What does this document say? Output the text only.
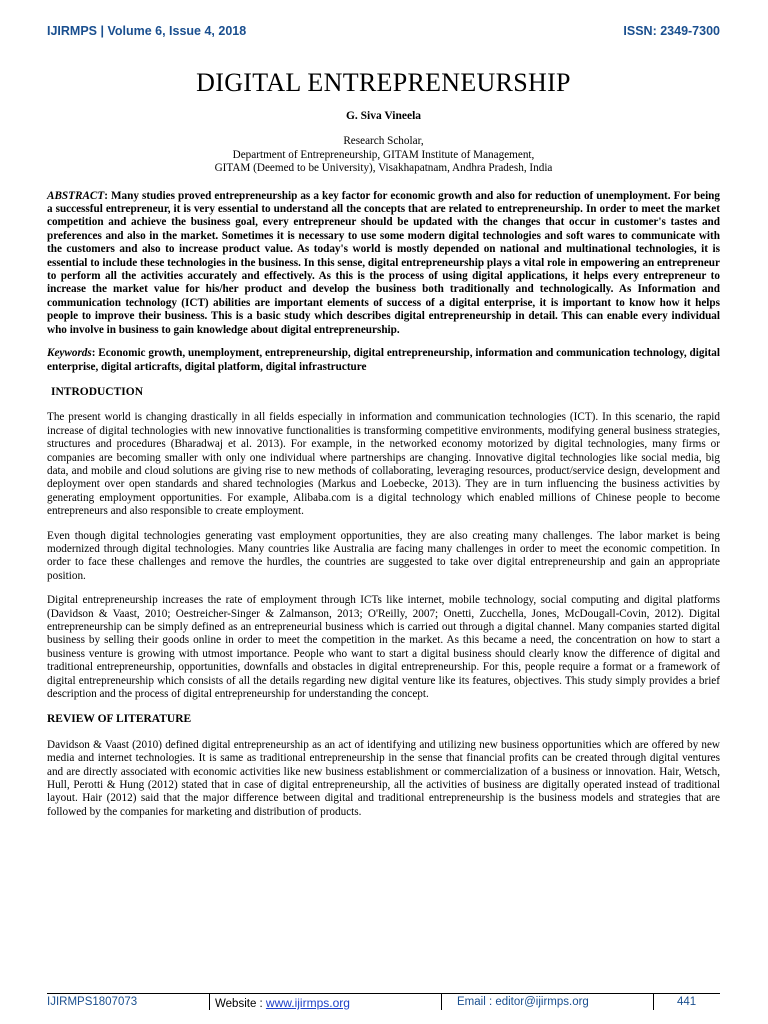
IJIRMPS | Volume 6, Issue 4, 2018	ISSN: 2349-7300
DIGITAL ENTREPRENEURSHIP
G. Siva Vineela
Research Scholar,
Department of Entrepreneurship, GITAM Institute of Management,
GITAM (Deemed to be University), Visakhapatnam, Andhra Pradesh, India

ABSTRACT: Many studies proved entrepreneurship as a key factor for economic growth and also for reduction of unemployment. For being a successful entrepreneur, it is very essential to understand all the concepts that are related to entrepreneurship. In order to meet the market competition and achieve the business goal, every entrepreneur should be updated with the changes that occur in customer's tastes and preferences and also in the market. Sometimes it is necessary to use some modern digital technologies and soft wares to communicate with the customers and also to increase product value. As today's world is mostly depended on national and multinational technologies, it is essential to include these technologies in the business. In this sense, digital entrepreneurship plays a vital role in empowering an entrepreneur to perform all the activities accurately and effectively. As this is the process of using digital applications, it helps every entrepreneur to increase the market value for his/her product and develop the business both traditionally and technologically. As Information and communication technology (ICT) abilities are important elements of success of a digital enterprise, it is important to know how it helps people to improve their business. This is a basic study which describes digital entrepreneurship in detail. This can enable every individual who involve in business to gain knowledge about digital entrepreneurship.

Keywords: Economic growth, unemployment, entrepreneurship, digital entrepreneurship, information and communication technology, digital enterprise, digital articrafts, digital platform, digital infrastructure

INTRODUCTION

The present world is changing drastically in all fields especially in information and communication technologies (ICT). In this scenario, the rapid increase of digital technologies with new innovative functionalities is transforming competitive environments, modifying general business strategies, structures and procedures (Bharadwaj et al. 2013). For example, in the networked economy motorized by digital technologies, many firms or companies are becoming smaller with only one individual where partnerships are changing. Innovative digital technologies like social media, big data, and mobile and cloud solutions are giving rise to new methods of collaborating, leveraging resources, product/service design, development and deployment over open standards and shared technologies (Markus and Loebecke, 2013). They are in turn influencing the business activities by generating employment opportunities. For example, Alibaba.com is a digital technology which enabled millions of Chinese people to become entrepreneurs and also responsible to create employment.

Even though digital technologies generating vast employment opportunities, they are also creating many challenges. The labor market is being modernized through digital technologies. Many countries like Australia are facing many challenges in order to meet the economic competition. In order to face these challenges and remove the hurdles, the countries are suggested to take over digital entrepreneurship and gain an appropriate position.

Digital entrepreneurship increases the rate of employment through ICTs like internet, mobile technology, social computing and digital platforms (Davidson & Vaast, 2010; Oestreicher-Singer & Zalmanson, 2013; O'Reilly, 2007; Onetti, Zucchella, Jones, McDougall-Covin, 2012). Digital entrepreneurship can be simply defined as an entrepreneurial business which is carried out through a digital channel. Many companies started digital business by selling their goods online in order to meet the competition in the market. As this became a need, the concentration on how to start a business venture is growing with utmost importance. People who want to start a digital business should clearly know the difference of digital and traditional entrepreneurship, opportunities, downfalls and obstacles in digital entrepreneurship. For this, people require a format or a framework of digital entrepreneurship which consists of all the details regarding new digital venture like its features, objectives. This study simply provides a brief description and the process of digital entrepreneurship for understanding the concept.

REVIEW OF LITERATURE

Davidson & Vaast (2010) defined digital entrepreneurship as an act of identifying and utilizing new business opportunities which are offered by new media and internet technologies. It is same as traditional entrepreneurship in the sense that financial profits can be created through digital ventures and are directly associated with economic activities like new business establishment or commercialization of a business or innovation. Hair, Wetsch, Hull, Perotti & Hung (2012) stated that in case of digital entrepreneurship, all the activities of business are digitally operated instead of traditional layout. Hair (2012) said that the major difference between digital and traditional entrepreneurship is the business models and strategies that are followed by the companies for marketing and distribution of products.

IJIRMPS1807073	Website : www.ijirmps.org	Email : editor@ijirmps.org	441
